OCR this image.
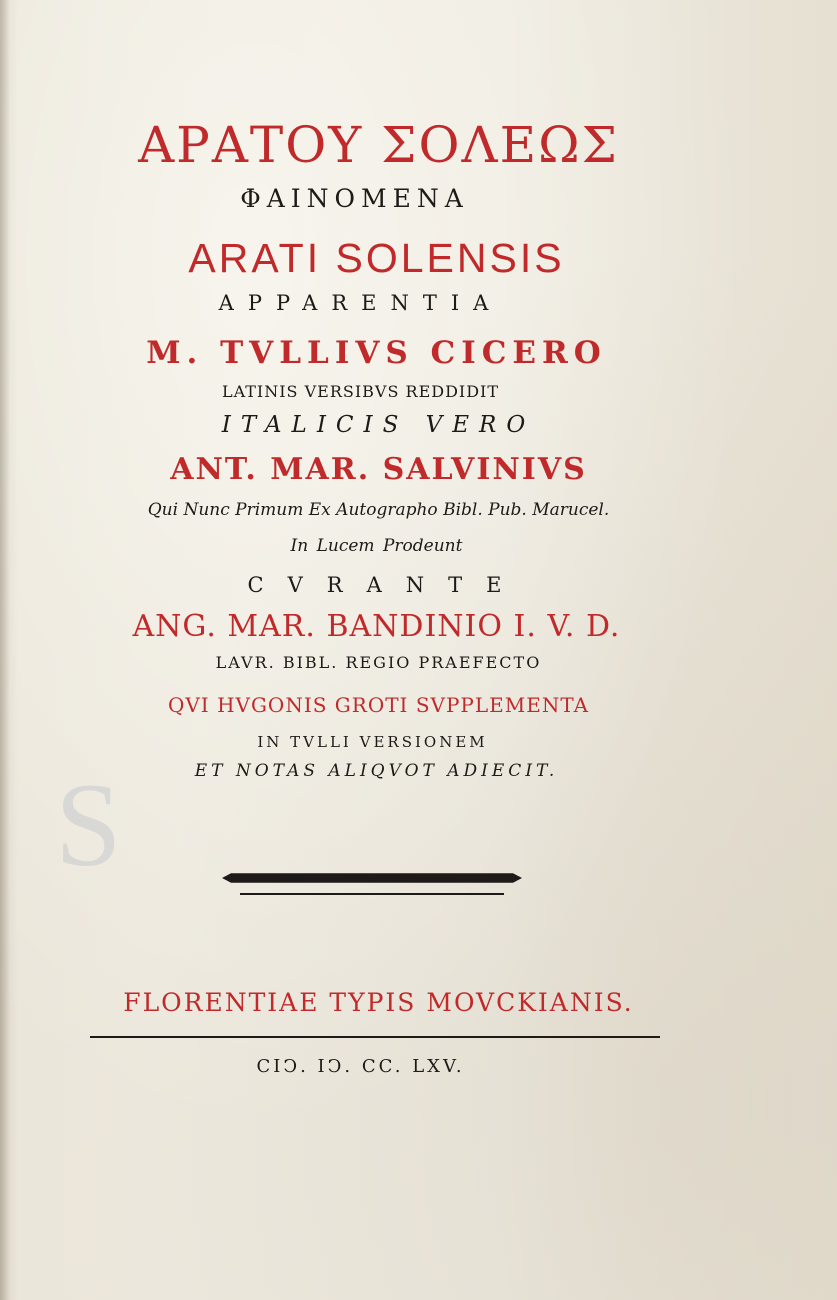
S

ΑΡΑΤΟΥ ΣΟΛΕΩΣ

ΦΑΙΝΟΜΕΝΑ

ARATI SOLENSIS

APPARENTIA

M. TVLLIVS CICERO

LATINIS VERSIBVS REDDIDIT

ITALICIS VERO

ANT. MAR. SALVINIVS

Qui Nunc Primum Ex Autographo Bibl. Pub. Marucel.

In Lucem Prodeunt

CVRANTE

ANG. MAR. BANDINIO I. V. D.

LAVR. BIBL. REGIO PRAEFECTO

QVI HVGONIS GROTI SVPPLEMENTA

IN TVLLI VERSIONEM

ET NOTAS ALIQVOT ADIECIT.

FLORENTIAE TYPIS MOVCKIANIS.

CIϽ. IϽ. CC. LXV.
